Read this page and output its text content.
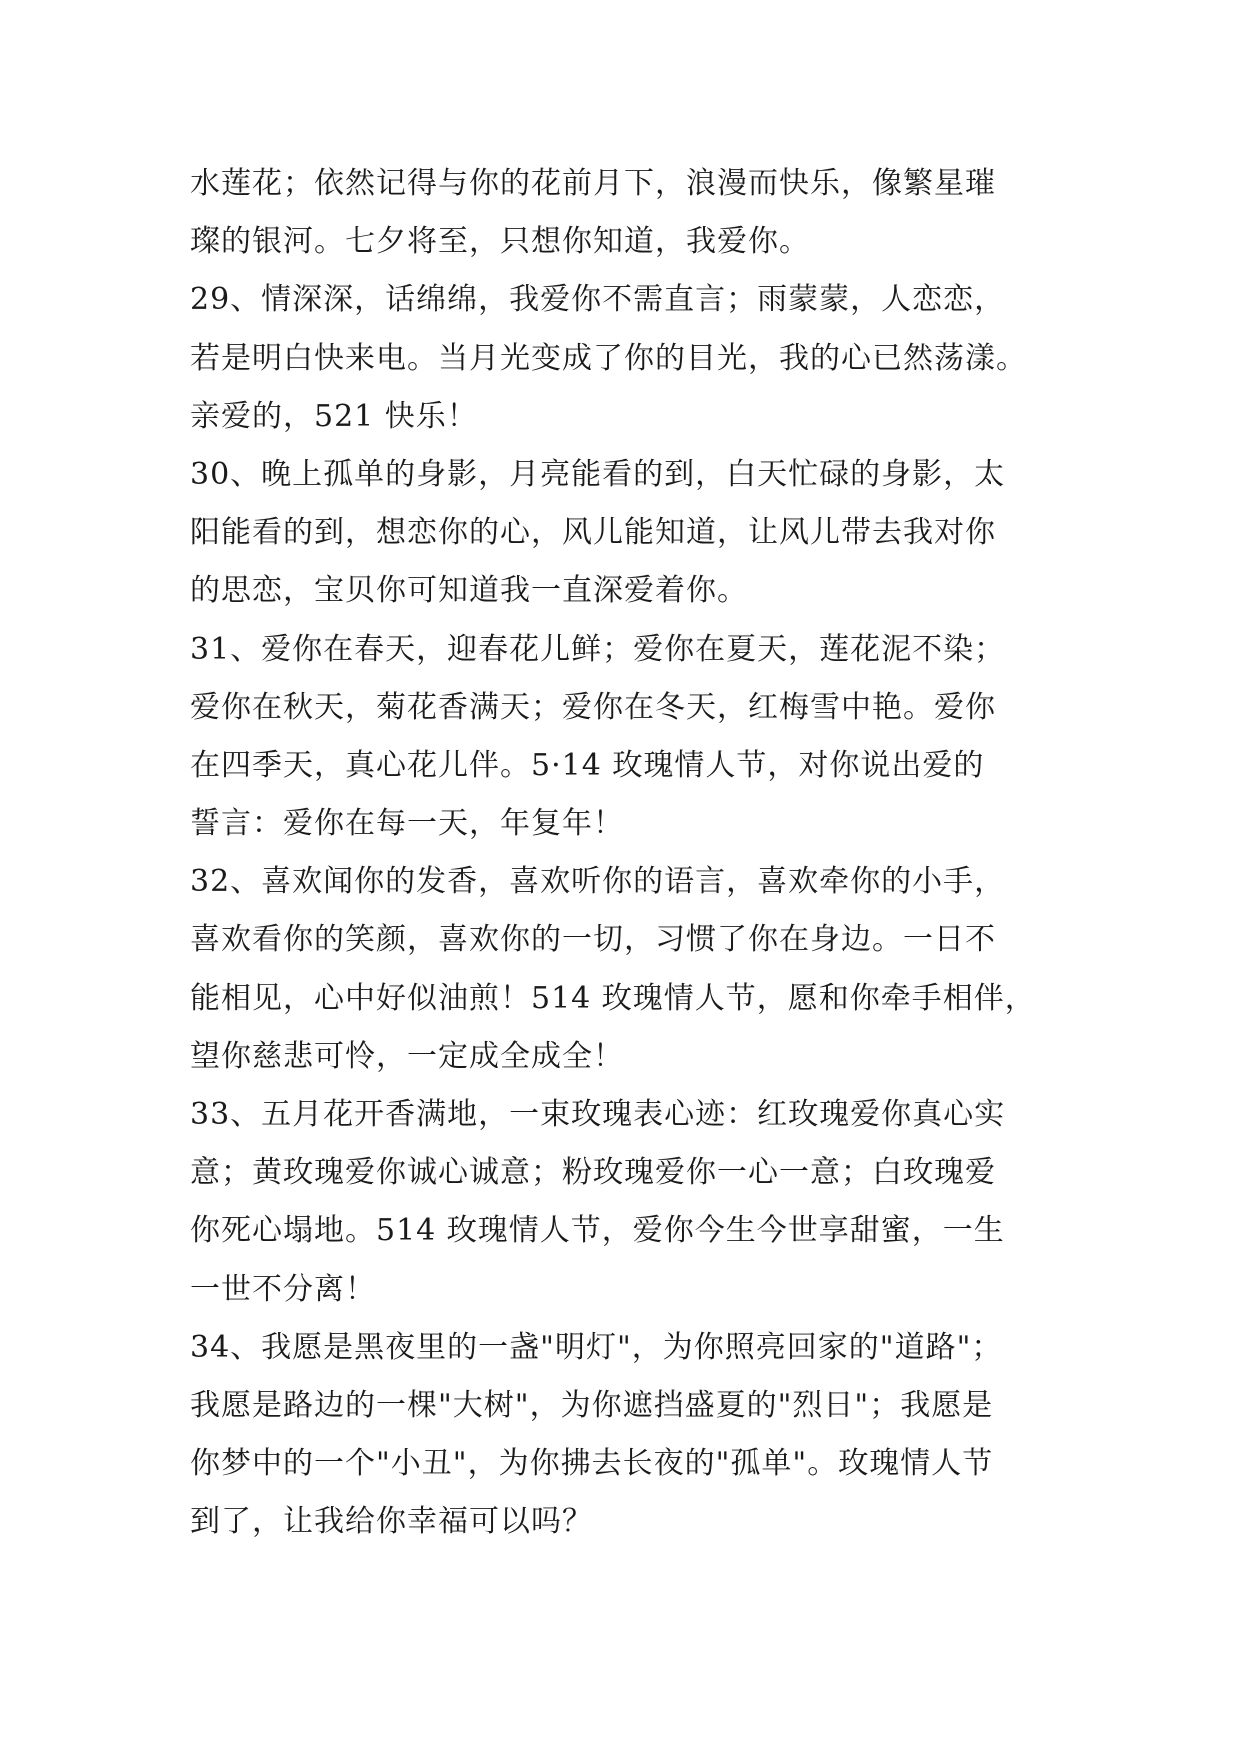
水莲花；依然记得与你的花前月下，浪漫而快乐，像繁星璀
璨的银河。七夕将至，只想你知道，我爱你。
29、情深深，话绵绵，我爱你不需直言；雨蒙蒙，人恋恋，
若是明白快来电。当月光变成了你的目光，我的心已然荡漾。
亲爱的，521 快乐！
30、晚上孤单的身影，月亮能看的到，白天忙碌的身影，太
阳能看的到，想恋你的心，风儿能知道，让风儿带去我对你
的思恋，宝贝你可知道我一直深爱着你。
31、爱你在春天，迎春花儿鲜；爱你在夏天，莲花泥不染；
爱你在秋天，菊花香满天；爱你在冬天，红梅雪中艳。爱你
在四季天，真心花儿伴。5·14 玫瑰情人节，对你说出爱的
誓言：爱你在每一天，年复年！
32、喜欢闻你的发香，喜欢听你的语言，喜欢牵你的小手，
喜欢看你的笑颜，喜欢你的一切，习惯了你在身边。一日不
能相见，心中好似油煎！514 玫瑰情人节，愿和你牵手相伴，
望你慈悲可怜，一定成全成全！
33、五月花开香满地，一束玫瑰表心迹：红玫瑰爱你真心实
意；黄玫瑰爱你诚心诚意；粉玫瑰爱你一心一意；白玫瑰爱
你死心塌地。514 玫瑰情人节，爱你今生今世享甜蜜，一生
一世不分离！
34、我愿是黑夜里的一盏"明灯"，为你照亮回家的"道路"；
我愿是路边的一棵"大树"，为你遮挡盛夏的"烈日"；我愿是
你梦中的一个"小丑"，为你拂去长夜的"孤单"。玫瑰情人节
到了，让我给你幸福可以吗？
